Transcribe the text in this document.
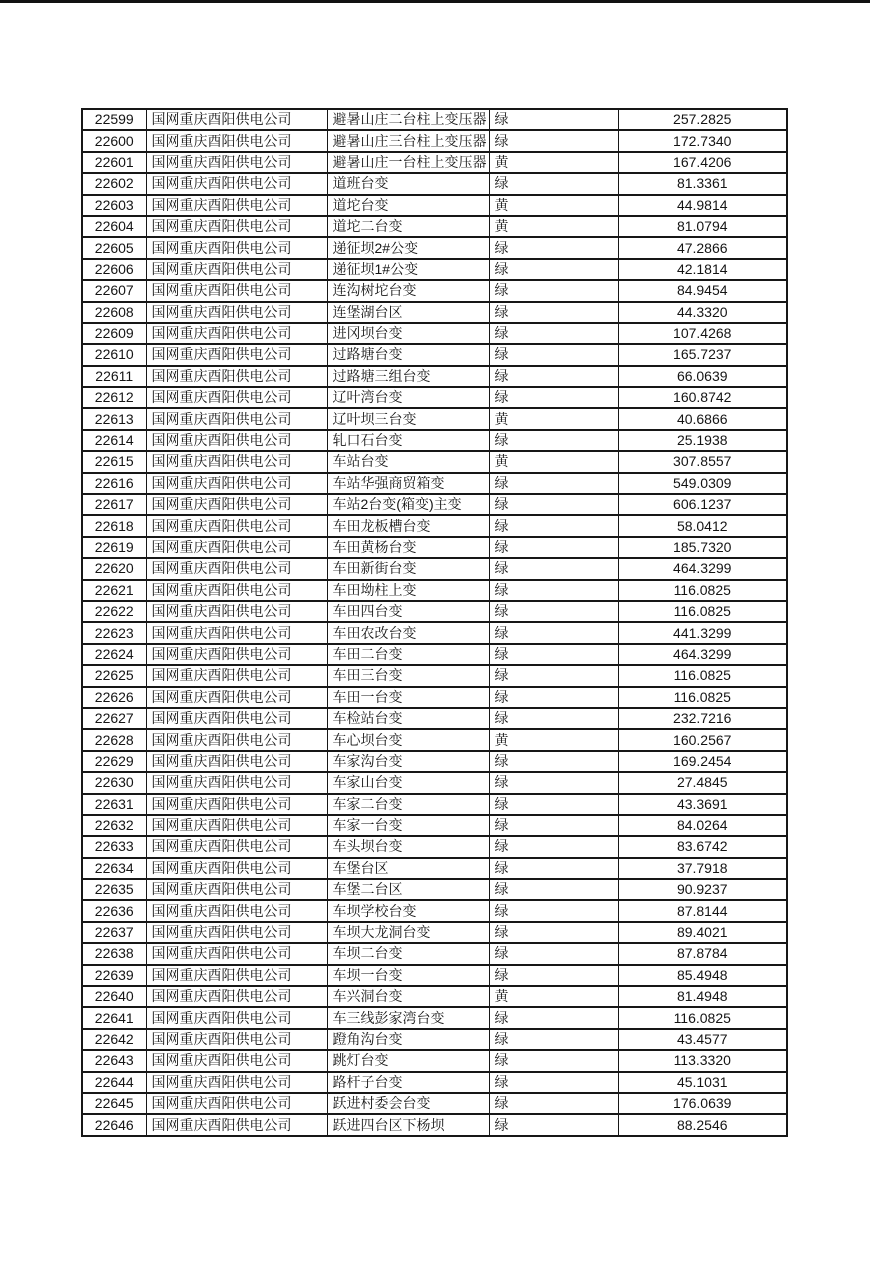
22599	国网重庆酉阳供电公司	避暑山庄二台柱上变压器	绿	257.2825
22600	国网重庆酉阳供电公司	避暑山庄三台柱上变压器	绿	172.7340
22601	国网重庆酉阳供电公司	避暑山庄一台柱上变压器	黄	167.4206
22602	国网重庆酉阳供电公司	道班台变	绿	81.3361
22603	国网重庆酉阳供电公司	道坨台变	黄	44.9814
22604	国网重庆酉阳供电公司	道坨二台变	黄	81.0794
22605	国网重庆酉阳供电公司	递征坝2#公变	绿	47.2866
22606	国网重庆酉阳供电公司	递征坝1#公变	绿	42.1814
22607	国网重庆酉阳供电公司	连沟树坨台变	绿	84.9454
22608	国网重庆酉阳供电公司	连堡湖台区	绿	44.3320
22609	国网重庆酉阳供电公司	进冈坝台变	绿	107.4268
22610	国网重庆酉阳供电公司	过路塘台变	绿	165.7237
22611	国网重庆酉阳供电公司	过路塘三组台变	绿	66.0639
22612	国网重庆酉阳供电公司	辽叶湾台变	绿	160.8742
22613	国网重庆酉阳供电公司	辽叶坝三台变	黄	40.6866
22614	国网重庆酉阳供电公司	轧口石台变	绿	25.1938
22615	国网重庆酉阳供电公司	车站台变	黄	307.8557
22616	国网重庆酉阳供电公司	车站华强商贸箱变	绿	549.0309
22617	国网重庆酉阳供电公司	车站2台变(箱变)主变	绿	606.1237
22618	国网重庆酉阳供电公司	车田龙板槽台变	绿	58.0412
22619	国网重庆酉阳供电公司	车田黄杨台变	绿	185.7320
22620	国网重庆酉阳供电公司	车田新街台变	绿	464.3299
22621	国网重庆酉阳供电公司	车田坳柱上变	绿	116.0825
22622	国网重庆酉阳供电公司	车田四台变	绿	116.0825
22623	国网重庆酉阳供电公司	车田农改台变	绿	441.3299
22624	国网重庆酉阳供电公司	车田二台变	绿	464.3299
22625	国网重庆酉阳供电公司	车田三台变	绿	116.0825
22626	国网重庆酉阳供电公司	车田一台变	绿	116.0825
22627	国网重庆酉阳供电公司	车检站台变	绿	232.7216
22628	国网重庆酉阳供电公司	车心坝台变	黄	160.2567
22629	国网重庆酉阳供电公司	车家沟台变	绿	169.2454
22630	国网重庆酉阳供电公司	车家山台变	绿	27.4845
22631	国网重庆酉阳供电公司	车家二台变	绿	43.3691
22632	国网重庆酉阳供电公司	车家一台变	绿	84.0264
22633	国网重庆酉阳供电公司	车头坝台变	绿	83.6742
22634	国网重庆酉阳供电公司	车堡台区	绿	37.7918
22635	国网重庆酉阳供电公司	车堡二台区	绿	90.9237
22636	国网重庆酉阳供电公司	车坝学校台变	绿	87.8144
22637	国网重庆酉阳供电公司	车坝大龙洞台变	绿	89.4021
22638	国网重庆酉阳供电公司	车坝二台变	绿	87.8784
22639	国网重庆酉阳供电公司	车坝一台变	绿	85.4948
22640	国网重庆酉阳供电公司	车兴洞台变	黄	81.4948
22641	国网重庆酉阳供电公司	车三线彭家湾台变	绿	116.0825
22642	国网重庆酉阳供电公司	蹬角沟台变	绿	43.4577
22643	国网重庆酉阳供电公司	跳灯台变	绿	113.3320
22644	国网重庆酉阳供电公司	路杆子台变	绿	45.1031
22645	国网重庆酉阳供电公司	跃进村委会台变	绿	176.0639
22646	国网重庆酉阳供电公司	跃进四台区下杨坝	绿	88.2546
